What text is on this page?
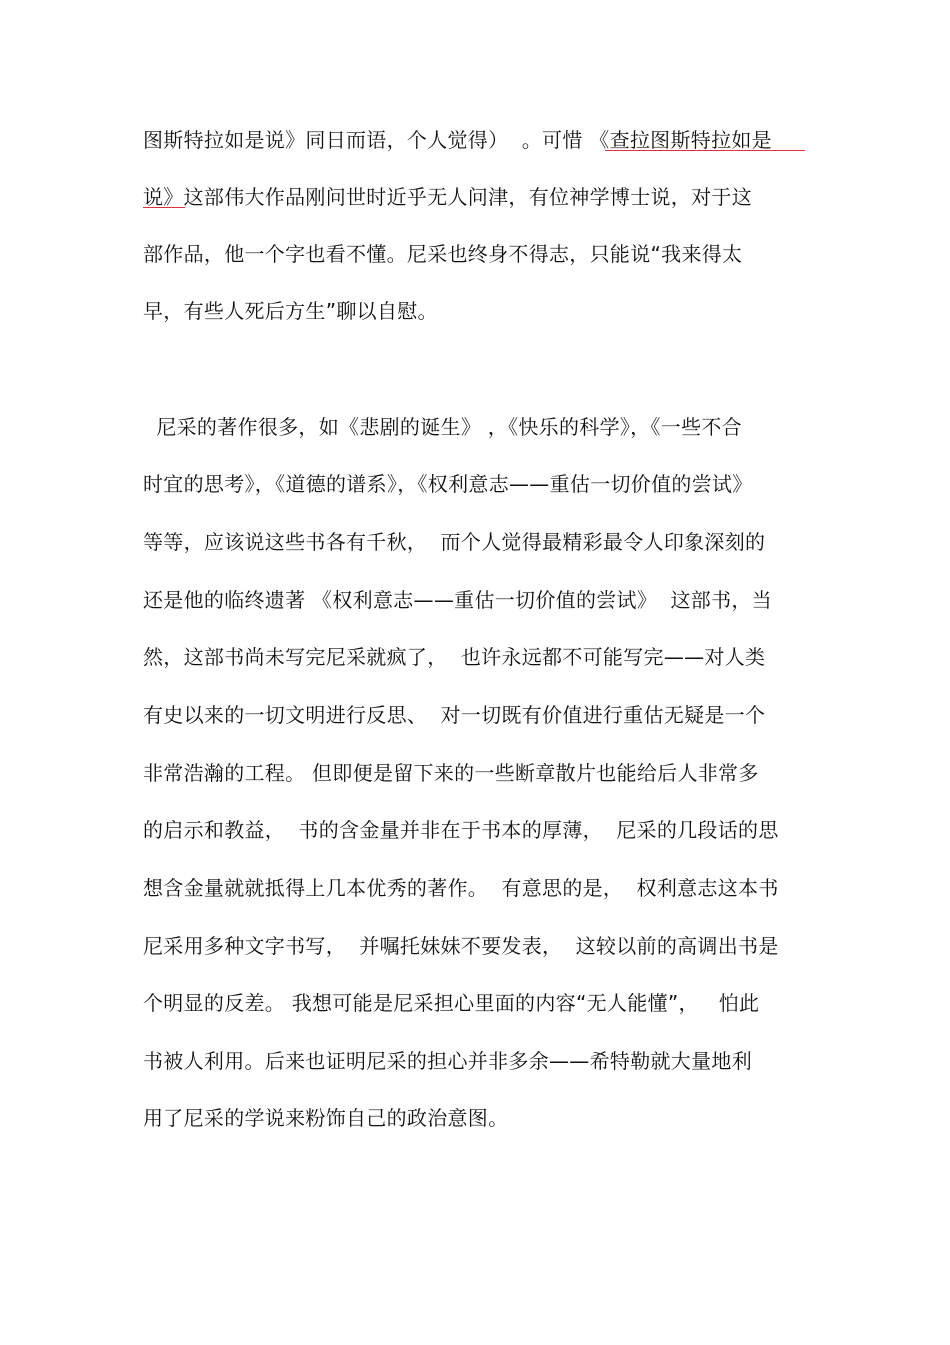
图斯特拉如是说》同日而语，个人觉得）  。可惜 《查拉图斯特拉如是
说》这部伟大作品刚问世时近乎无人问津，有位神学博士说，对于这
部作品，他一个字也看不懂。尼采也终身不得志，只能说“我来得太
早，有些人死后方生”聊以自慰。
尼采的著作很多，如《悲剧的诞生》 ，《快乐的科学》，《一些不合
时宜的思考》，《道德的谱系》，《权利意志——重估一切价值的尝试》
等等，应该说这些书各有千秋，  而个人觉得最精彩最令人印象深刻的
还是他的临终遗著 《权利意志——重估一切价值的尝试》  这部书，当
然，这部书尚未写完尼采就疯了，  也许永远都不可能写完——对人类
有史以来的一切文明进行反思、  对一切既有价值进行重估无疑是一个
非常浩瀚的工程。 但即便是留下来的一些断章散片也能给后人非常多
的启示和教益，  书的含金量并非在于书本的厚薄，  尼采的几段话的思
想含金量就就抵得上几本优秀的著作。  有意思的是，  权利意志这本书
尼采用多种文字书写，  并嘱托妹妹不要发表，  这较以前的高调出书是
个明显的反差。 我想可能是尼采担心里面的内容“无人能懂”，   怕此
书被人利用。后来也证明尼采的担心并非多余——希特勒就大量地利
用了尼采的学说来粉饰自己的政治意图。
